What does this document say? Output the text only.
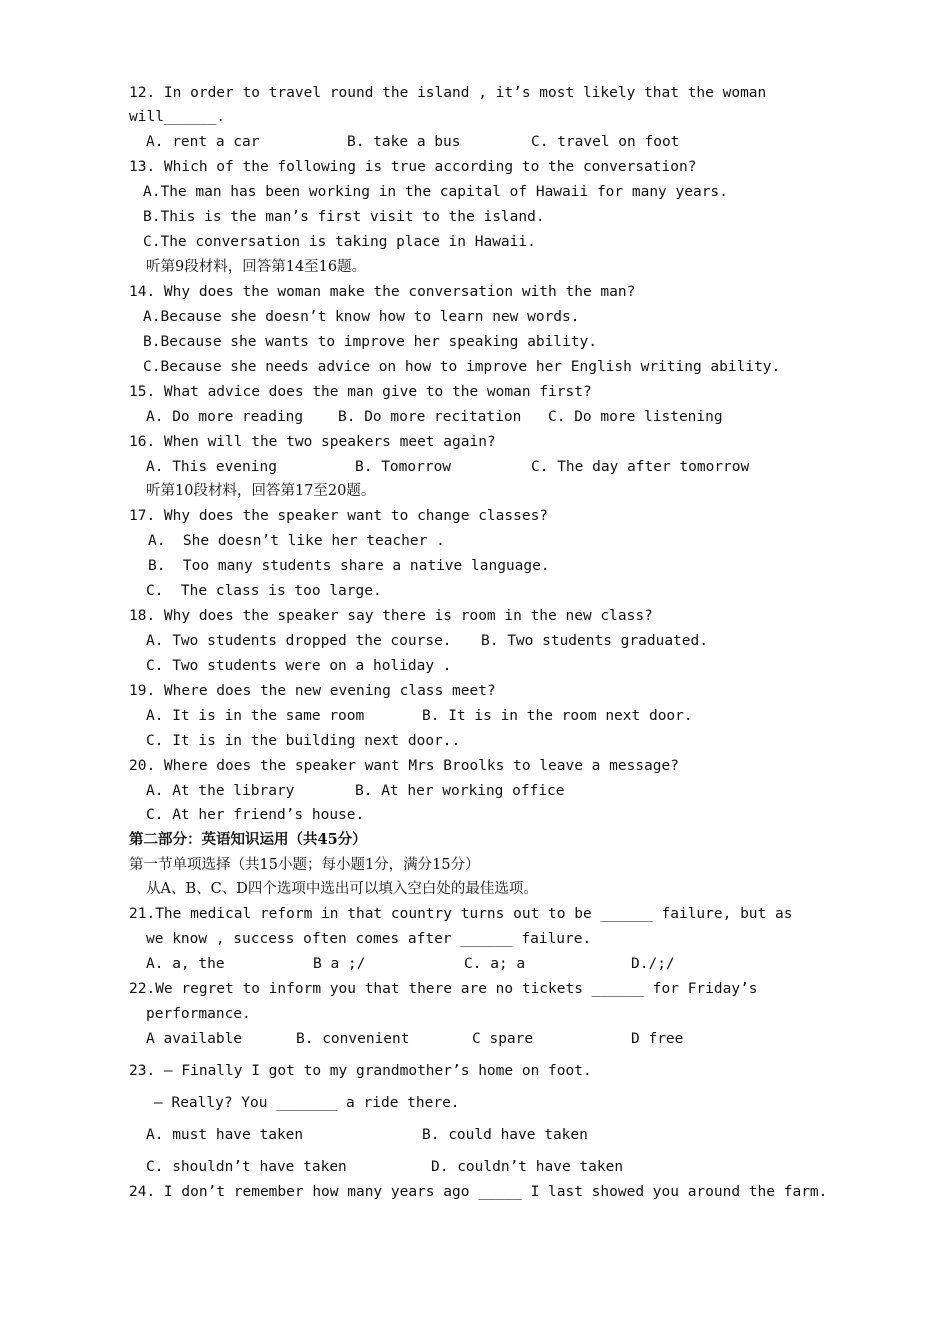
12. In order to travel round the island , it’s most likely that the woman
will______.
A. rent a car	B. take a bus	C. travel on foot
13. Which of the following is true according to the conversation?
A.The man has been working in the capital of Hawaii for many years.
B.This is the man’s first visit to the island.
C.The conversation is taking place in Hawaii.
听第9段材料，回答第14至16题。
14. Why does the woman make the conversation with the man?
A.Because she doesn’t know how to learn new words.
B.Because she wants to improve her speaking ability.
C.Because she needs advice on how to improve her English writing ability.
15. What advice does the man give to the woman first?
A. Do more reading B. Do more recitation C. Do more listening
16. When will the two speakers meet again?
A. This evening	B. Tomorrow	C. The day after tomorrow
听第10段材料，回答第17至20题。
17. Why does the speaker want to change classes?
A.  She doesn’t like her teacher .
B.  Too many students share a native language.
C.  The class is too large.
18. Why does the speaker say there is room in the new class?
A. Two students dropped the course. B. Two students graduated.
C. Two students were on a holiday .
19. Where does the new evening class meet?
A. It is in the same room	B. It is in the room next door.
C. It is in the building next door..
20. Where does the speaker want Mrs Broolks to leave a message?
A. At the library	B. At her working office
C. At her friend’s house.
第二部分：英语知识运用（共45分）
第一节单项选择（共15小题；每小题1分，满分15分）
从A、B、C、D四个选项中选出可以填入空白处的最佳选项。
21.The medical reform in that country turns out to be ______ failure, but as
we know , success often comes after ______ failure.
A. a, the	B a ;/	C. a; a	D./;/
22.We regret to inform you that there are no tickets ______ for Friday’s
performance.
A available	B. convenient	C spare	D free
23. — Finally I got to my grandmother’s home on foot.
— Really? You _______ a ride there.
A. must have taken	B. could have taken
C. shouldn’t have taken	D. couldn’t have taken
24. I don’t remember how many years ago _____ I last showed you around the farm.
